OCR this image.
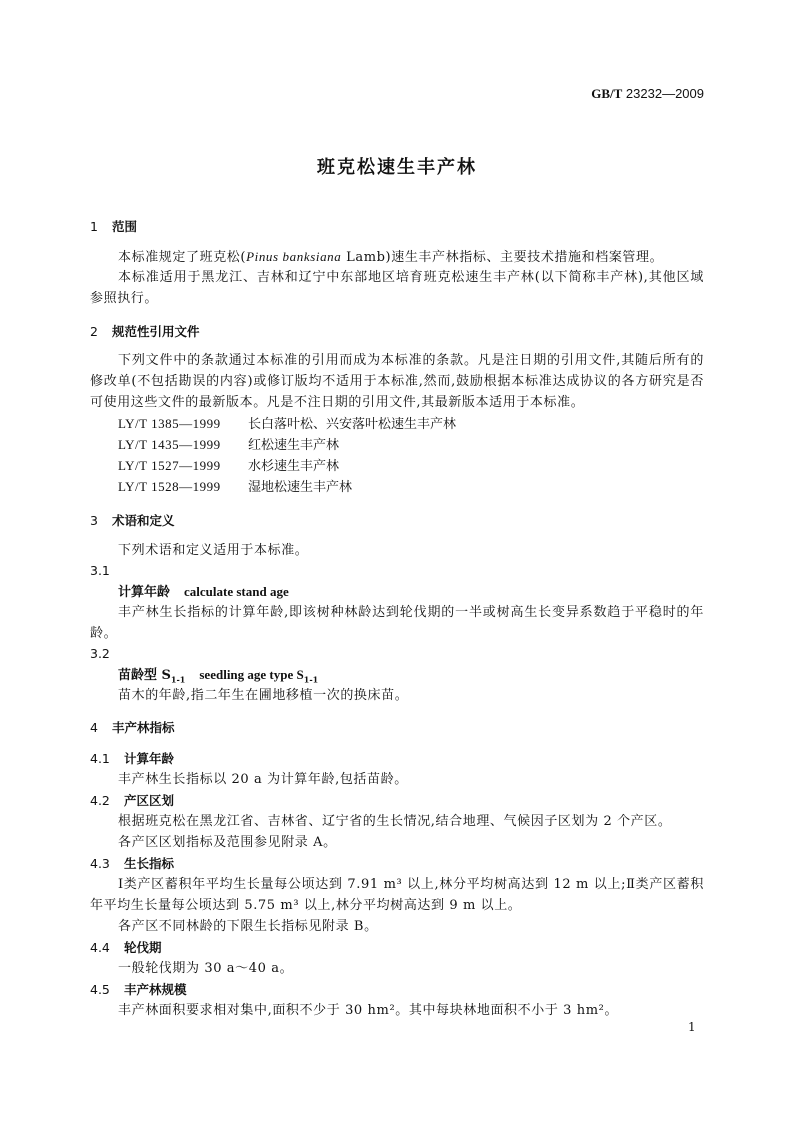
GB/T 23232—2009
班克松速生丰产林
1 范围
本标准规定了班克松(Pinus banksiana Lamb)速生丰产林指标、主要技术措施和档案管理。
本标准适用于黑龙江、吉林和辽宁中东部地区培育班克松速生丰产林(以下简称丰产林),其他区域参照执行。
2 规范性引用文件
下列文件中的条款通过本标准的引用而成为本标准的条款。凡是注日期的引用文件,其随后所有的修改单(不包括勘误的内容)或修订版均不适用于本标准,然而,鼓励根据本标准达成协议的各方研究是否可使用这些文件的最新版本。凡是不注日期的引用文件,其最新版本适用于本标准。
LY/T 1385—1999 长白落叶松、兴安落叶松速生丰产林
LY/T 1435—1999 红松速生丰产林
LY/T 1527—1999 水杉速生丰产林
LY/T 1528—1999 湿地松速生丰产林
3 术语和定义
下列术语和定义适用于本标准。
3.1
计算年龄 calculate stand age
丰产林生长指标的计算年龄,即该树种林龄达到轮伐期的一半或树高生长变异系数趋于平稳时的年龄。
3.2
苗龄型 $S_{1-1}$ seedling age type $S_{1-1}$
苗木的年龄,指二年生在圃地移植一次的换床苗。
4 丰产林指标
4.1 计算年龄
丰产林生长指标以 20 a 为计算年龄,包括苗龄。
4.2 产区区划
根据班克松在黑龙江省、吉林省、辽宁省的生长情况,结合地理、气候因子区划为 2 个产区。
各产区区划指标及范围参见附录 A。
4.3 生长指标
Ⅰ类产区蓄积年平均生长量每公顷达到 7.91 m³ 以上,林分平均树高达到 12 m 以上;Ⅱ类产区蓄积年平均生长量每公顷达到 5.75 m³ 以上,林分平均树高达到 9 m 以上。
各产区不同林龄的下限生长指标见附录 B。
4.4 轮伐期
一般轮伐期为 30 a～40 a。
4.5 丰产林规模
丰产林面积要求相对集中,面积不少于 30 hm²。其中每块林地面积不小于 3 hm²。
1
